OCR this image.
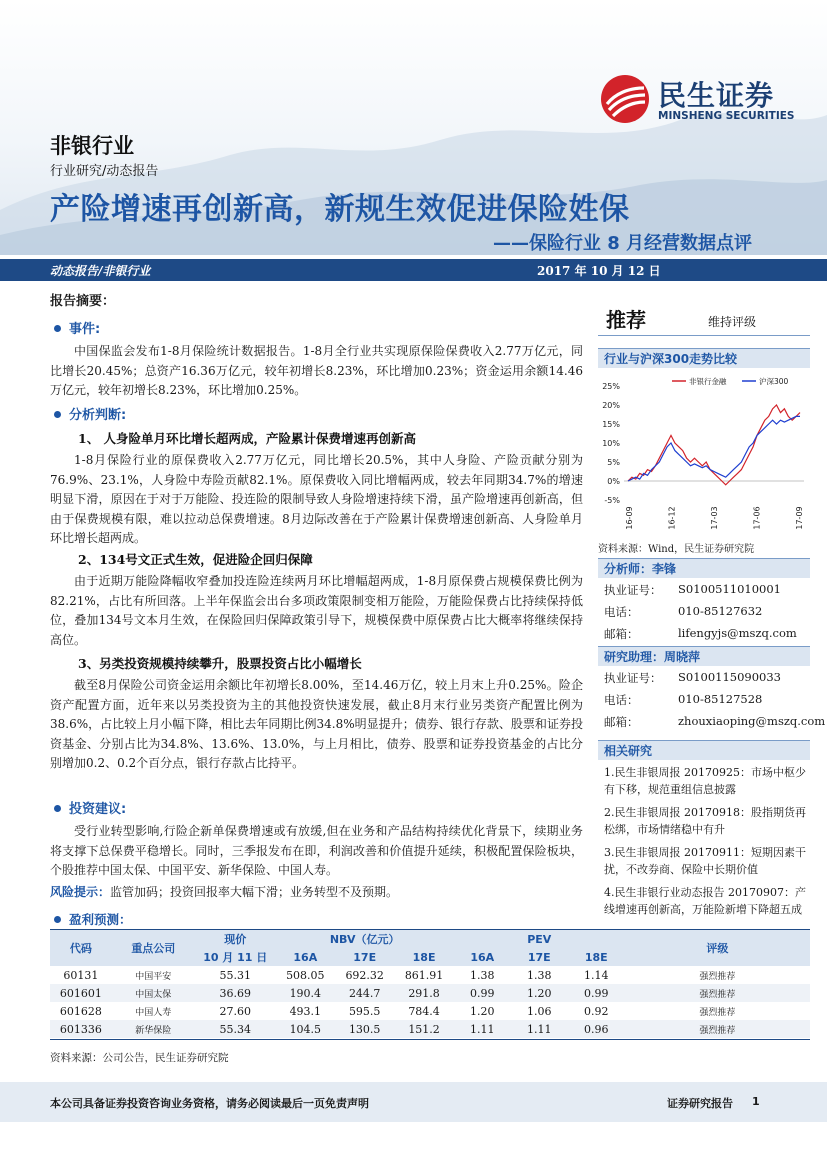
民生证券
MINSHENG SECURITIES
非银行业
行业研究/动态报告
产险增速再创新高，新规生效促进保险姓保
——保险行业 8 月经营数据点评
动态报告/非银行业	2017 年 10 月 12 日
报告摘要：
事件:
中国保监会发布1-8月保险统计数据报告。1-8月全行业共实现原保险保费收入2.77万亿元，同比增长20.45%；总资产16.36万亿元，较年初增长8.23%，环比增加0.23%；资金运用余额14.46万亿元，较年初增长8.23%，环比增加0.25%。
分析判断:
1、 人身险单月环比增长超两成，产险累计保费增速再创新高
1-8月保险行业的原保费收入2.77万亿元，同比增长20.5%，其中人身险、产险贡献分别为76.9%、23.1%，人身险中寿险贡献82.1%。原保费收入同比增幅两成，较去年同期34.7%的增速明显下滑，原因在于对于万能险、投连险的限制导致人身险增速持续下滑，虽产险增速再创新高，但由于保费规模有限，难以拉动总保费增速。8月边际改善在于产险累计保费增速创新高、人身险单月环比增长超两成。
2、134号文正式生效，促进险企回归保障
由于近期万能险降幅收窄叠加投连险连续两月环比增幅超两成，1-8月原保费占规模保费比例为82.21%，占比有所回落。上半年保监会出台多项政策限制变相万能险，万能险保费占比持续保持低位，叠加134号文本月生效，在保险回归保障政策引导下，规模保费中原保费占比大概率将继续保持高位。
3、另类投资规模持续攀升，股票投资占比小幅增长
截至8月保险公司资金运用余额比年初增长8.00%，至14.46万亿，较上月末上升0.25%。险企资产配置方面，近年来以另类投资为主的其他投资快速发展，截止8月末行业另类资产配置比例为38.6%，占比较上月小幅下降，相比去年同期比例34.8%明显提升；债券、银行存款、股票和证券投资基金、分别占比为34.8%、13.6%、13.0%，与上月相比，债券、股票和证券投资基金的占比分别增加0.2、0.2个百分点，银行存款占比持平。
投资建议:
受行业转型影响,行险企新单保费增速或有放缓,但在业务和产品结构持续优化背景下，续期业务将支撑下总保费平稳增长。同时，三季报发布在即，利润改善和价值提升延续，积极配置保险板块，个股推荐中国太保、中国平安、新华保险、中国人寿。
风险提示：监管加码；投资回报率大幅下滑；业务转型不及预期。
盈利预测：
推荐	维持评级
行业与沪深300走势比较
25%
20%
15%
10%
5%
0%
-5%
16-09	16-12	17-03	17-06	17-09
非银行金融	沪深300
资料来源：Wind，民生证券研究院
分析师：李锋
执业证号： S0100511010001
电话：	010-85127632
邮箱：	lifengyjs@mszq.com
研究助理：周晓萍
执业证号： S0100115090033
电话：	010-85127528
邮箱：	zhouxiaoping@mszq.com
相关研究
1.民生非银周报 20170925：市场中枢少有下移，规范重组信息披露
2.民生非银周报 20170918：股指期货再松绑，市场情绪稳中有升
3.民生非银周报 20170911：短期因素干扰，不改券商、保险中长期价值
4.民生非银行业动态报告 20170907：产线增速再创新高，万能险新增下降超五成
代码	重点公司	现价	NBV（亿元）			PEV			评级
		10 月 11 日	16A	17E	18E	16A	17E	18E	
60131	中国平安	55.31	508.05	692.32	861.91	1.38	1.38	1.14	强烈推荐
601601	中国太保	36.69	190.4	244.7	291.8	0.99	1.20	0.99	强烈推荐
601628	中国人寿	27.60	493.1	595.5	784.4	1.20	1.06	0.92	强烈推荐
601336	新华保险	55.34	104.5	130.5	151.2	1.11	1.11	0.96	强烈推荐
资料来源：公司公告，民生证券研究院
本公司具备证券投资咨询业务资格，请务必阅读最后一页免责声明	证券研究报告 1
